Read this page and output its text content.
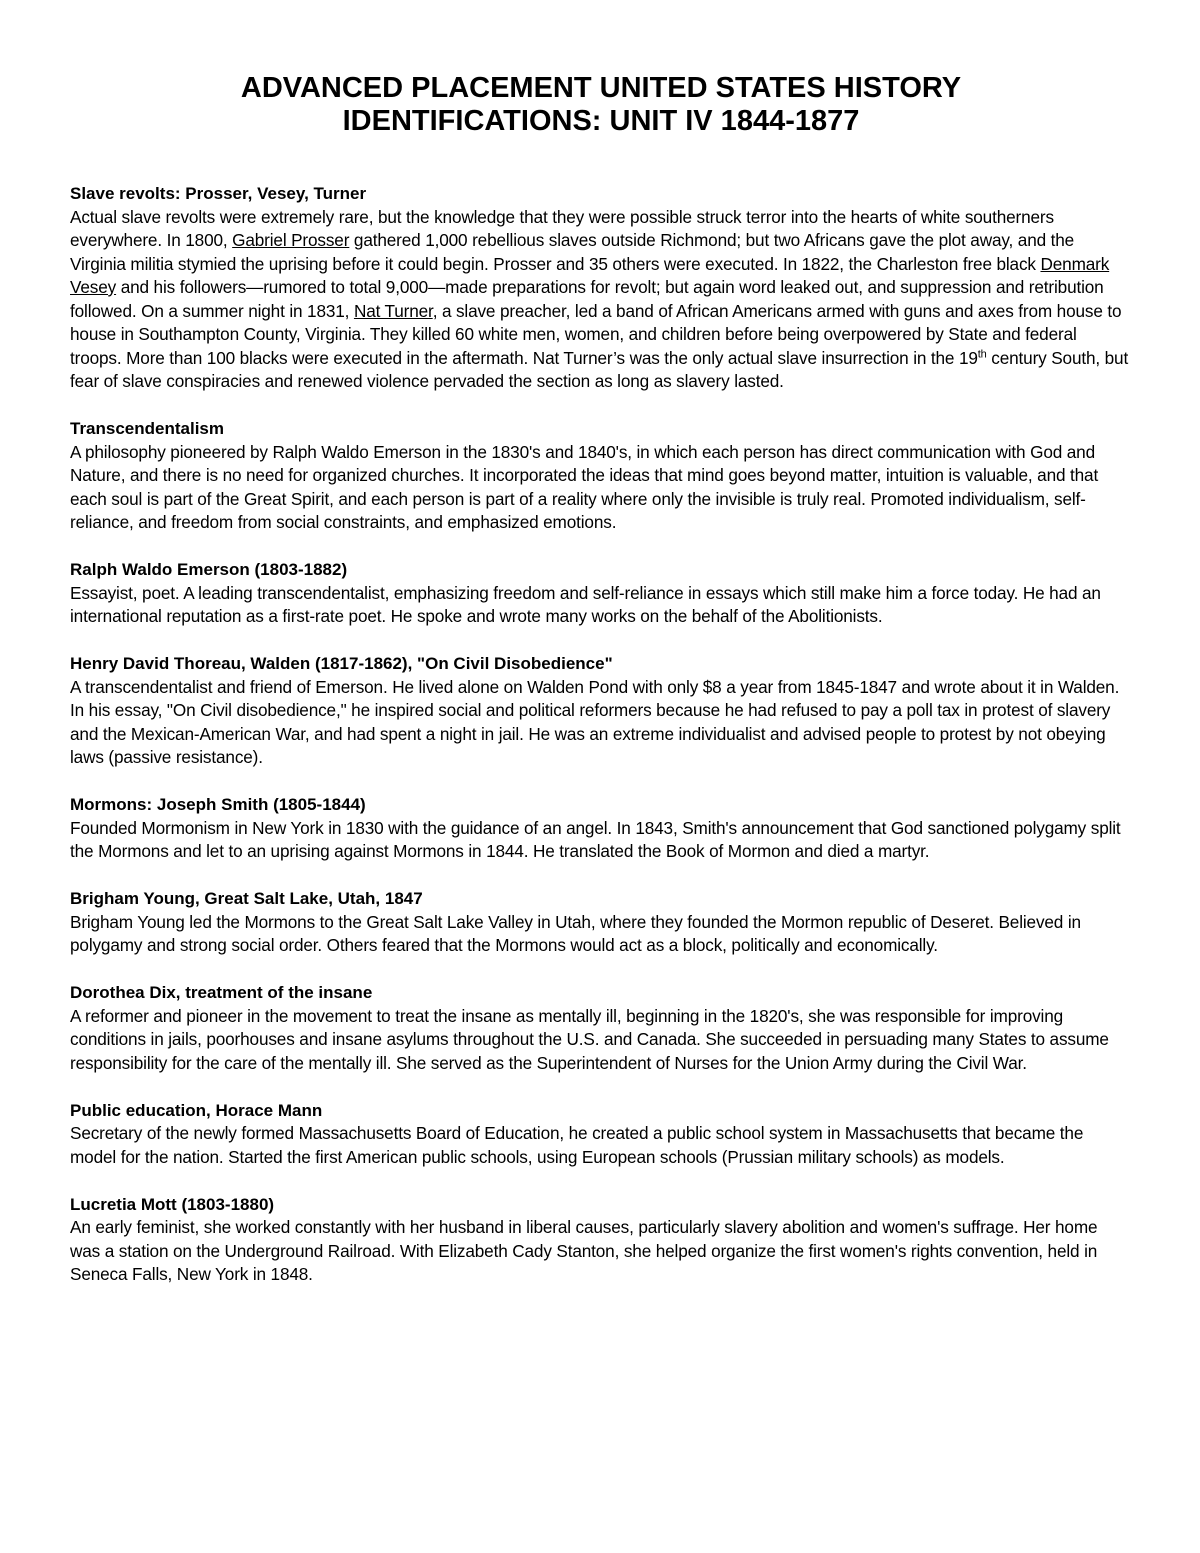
ADVANCED PLACEMENT UNITED STATES HISTORY
IDENTIFICATIONS: UNIT IV 1844-1877

Slave revolts: Prosser, Vesey, Turner

Actual slave revolts were extremely rare, but the knowledge that they were possible struck terror into the hearts of white southerners everywhere. In 1800, Gabriel Prosser gathered 1,000 rebellious slaves outside Richmond; but two Africans gave the plot away, and the Virginia militia stymied the uprising before it could begin. Prosser and 35 others were executed. In 1822, the Charleston free black Denmark Vesey and his followers—rumored to total 9,000—made preparations for revolt; but again word leaked out, and suppression and retribution followed. On a summer night in 1831, Nat Turner, a slave preacher, led a band of African Americans armed with guns and axes from house to house in Southampton County, Virginia. They killed 60 white men, women, and children before being overpowered by State and federal troops. More than 100 blacks were executed in the aftermath. Nat Turner’s was the only actual slave insurrection in the 19th century South, but fear of slave conspiracies and renewed violence pervaded the section as long as slavery lasted.

Transcendentalism

A philosophy pioneered by Ralph Waldo Emerson in the 1830's and 1840's, in which each person has direct communication with God and Nature, and there is no need for organized churches. It incorporated the ideas that mind goes beyond matter, intuition is valuable, and that each soul is part of the Great Spirit, and each person is part of a reality where only the invisible is truly real. Promoted individualism, self-reliance, and freedom from social constraints, and emphasized emotions.

Ralph Waldo Emerson (1803-1882)

Essayist, poet. A leading transcendentalist, emphasizing freedom and self-reliance in essays which still make him a force today. He had an international reputation as a first-rate poet. He spoke and wrote many works on the behalf of the Abolitionists.

Henry David Thoreau, Walden (1817-1862), "On Civil Disobedience"

A transcendentalist and friend of Emerson. He lived alone on Walden Pond with only $8 a year from 1845-1847 and wrote about it in Walden. In his essay, "On Civil disobedience," he inspired social and political reformers because he had refused to pay a poll tax in protest of slavery and the Mexican-American War, and had spent a night in jail. He was an extreme individualist and advised people to protest by not obeying laws (passive resistance).

Mormons: Joseph Smith (1805-1844)

Founded Mormonism in New York in 1830 with the guidance of an angel. In 1843, Smith's announcement that God sanctioned polygamy split the Mormons and let to an uprising against Mormons in 1844. He translated the Book of Mormon and died a martyr.

Brigham Young, Great Salt Lake, Utah, 1847

Brigham Young led the Mormons to the Great Salt Lake Valley in Utah, where they founded the Mormon republic of Deseret. Believed in polygamy and strong social order. Others feared that the Mormons would act as a block, politically and economically.

Dorothea Dix, treatment of the insane

A reformer and pioneer in the movement to treat the insane as mentally ill, beginning in the 1820's, she was responsible for improving conditions in jails, poorhouses and insane asylums throughout the U.S. and Canada. She succeeded in persuading many States to assume responsibility for the care of the mentally ill. She served as the Superintendent of Nurses for the Union Army during the Civil War.

Public education, Horace Mann

Secretary of the newly formed Massachusetts Board of Education, he created a public school system in Massachusetts that became the model for the nation. Started the first American public schools, using European schools (Prussian military schools) as models.

Lucretia Mott (1803-1880)

An early feminist, she worked constantly with her husband in liberal causes, particularly slavery abolition and women's suffrage. Her home was a station on the Underground Railroad. With Elizabeth Cady Stanton, she helped organize the first women's rights convention, held in Seneca Falls, New York in 1848.
